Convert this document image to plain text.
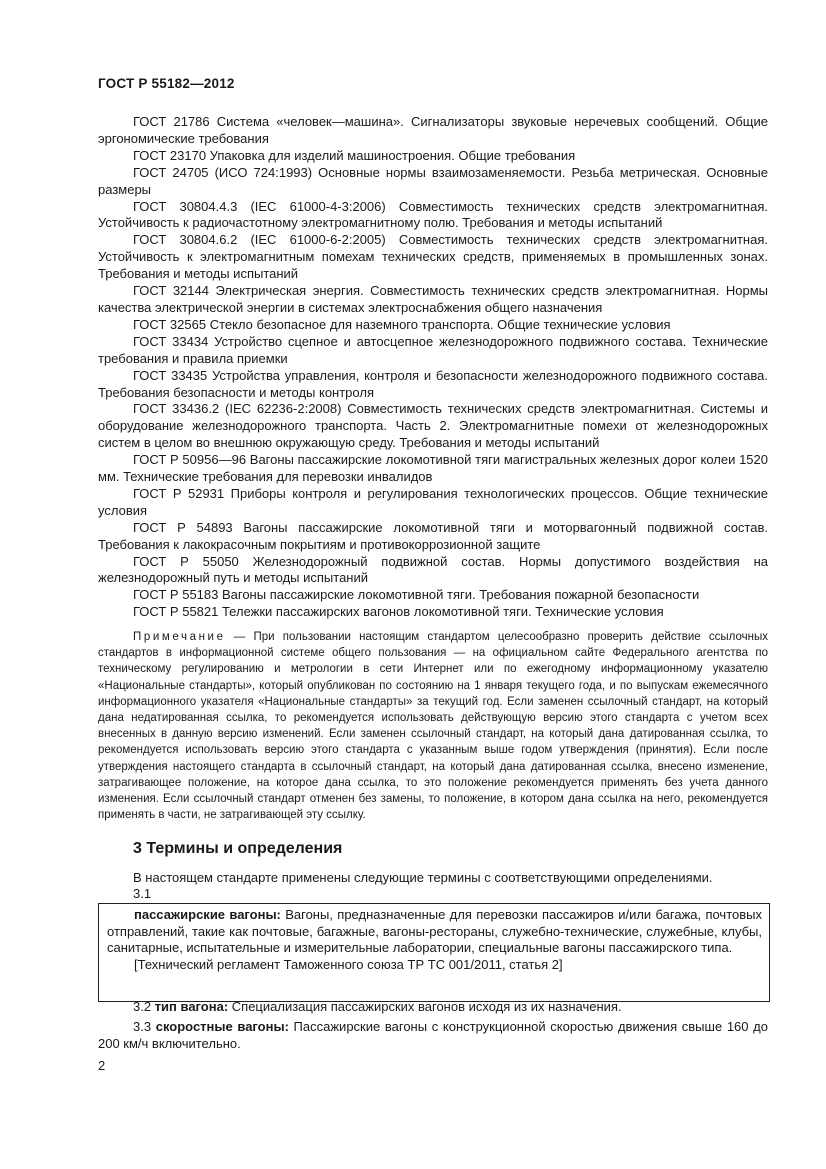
ГОСТ Р 55182—2012

ГОСТ 21786 Система «человек—машина». Сигнализаторы звуковые неречевых сообщений. Общие эргономические требования

ГОСТ 23170 Упаковка для изделий машиностроения. Общие требования

ГОСТ 24705 (ИСО 724:1993) Основные нормы взаимозаменяемости. Резьба метрическая. Основные размеры

ГОСТ 30804.4.3 (IEC 61000-4-3:2006) Совместимость технических средств электромагнитная. Устойчивость к радиочастотному электромагнитному полю. Требования и методы испытаний

ГОСТ 30804.6.2 (IEC 61000-6-2:2005) Совместимость технических средств электромагнитная. Устойчивость к электромагнитным помехам технических средств, применяемых в промышленных зонах. Требования и методы испытаний

ГОСТ 32144 Электрическая энергия. Совместимость технических средств электромагнитная. Нормы качества электрической энергии в системах электроснабжения общего назначения

ГОСТ 32565 Стекло безопасное для наземного транспорта. Общие технические условия

ГОСТ 33434 Устройство сцепное и автосцепное железнодорожного подвижного состава. Технические требования и правила приемки

ГОСТ 33435 Устройства управления, контроля и безопасности железнодорожного подвижного состава. Требования безопасности и методы контроля

ГОСТ 33436.2 (IEC 62236-2:2008) Совместимость технических средств электромагнитная. Системы и оборудование железнодорожного транспорта. Часть 2. Электромагнитные помехи от железнодорожных систем в целом во внешнюю окружающую среду. Требования и методы испытаний

ГОСТ Р 50956—96 Вагоны пассажирские локомотивной тяги магистральных железных дорог колеи 1520 мм. Технические требования для перевозки инвалидов

ГОСТ Р 52931 Приборы контроля и регулирования технологических процессов. Общие технические условия

ГОСТ Р 54893 Вагоны пассажирские локомотивной тяги и моторвагонный подвижной состав. Требования к лакокрасочным покрытиям и противокоррозионной защите

ГОСТ Р 55050 Железнодорожный подвижной состав. Нормы допустимого воздействия на железнодорожный путь и методы испытаний

ГОСТ Р 55183 Вагоны пассажирские локомотивной тяги. Требования пожарной безопасности

ГОСТ Р 55821 Тележки пассажирских вагонов локомотивной тяги. Технические условия

Примечание — При пользовании настоящим стандартом целесообразно проверить действие ссылочных стандартов в информационной системе общего пользования — на официальном сайте Федерального агентства по техническому регулированию и метрологии в сети Интернет или по ежегодному информационному указателю «Национальные стандарты», который опубликован по состоянию на 1 января текущего года, и по выпускам ежемесячного информационного указателя «Национальные стандарты» за текущий год. Если заменен ссылочный стандарт, на который дана недатированная ссылка, то рекомендуется использовать действующую версию этого стандарта с учетом всех внесенных в данную версию изменений. Если заменен ссылочный стандарт, на который дана датированная ссылка, то рекомендуется использовать версию этого стандарта с указанным выше годом утверждения (принятия). Если после утверждения настоящего стандарта в ссылочный стандарт, на который дана датированная ссылка, внесено изменение, затрагивающее положение, на которое дана ссылка, то это положение рекомендуется применять без учета данного изменения. Если ссылочный стандарт отменен без замены, то положение, в котором дана ссылка на него, рекомендуется применять в части, не затрагивающей эту ссылку.

3 Термины и определения

В настоящем стандарте применены следующие термины с соответствующими определениями.

3.1

пассажирские вагоны: Вагоны, предназначенные для перевозки пассажиров и/или багажа, почтовых отправлений, такие как почтовые, багажные, вагоны-рестораны, служебно-технические, служебные, клубы, санитарные, испытательные и измерительные лаборатории, специальные вагоны пассажирского типа.

[Технический регламент Таможенного союза ТР ТС 001/2011, статья 2]

3.2 тип вагона: Специализация пассажирских вагонов исходя из их назначения.

3.3 скоростные вагоны: Пассажирские вагоны с конструкционной скоростью движения свыше 160 до 200 км/ч включительно.

2
